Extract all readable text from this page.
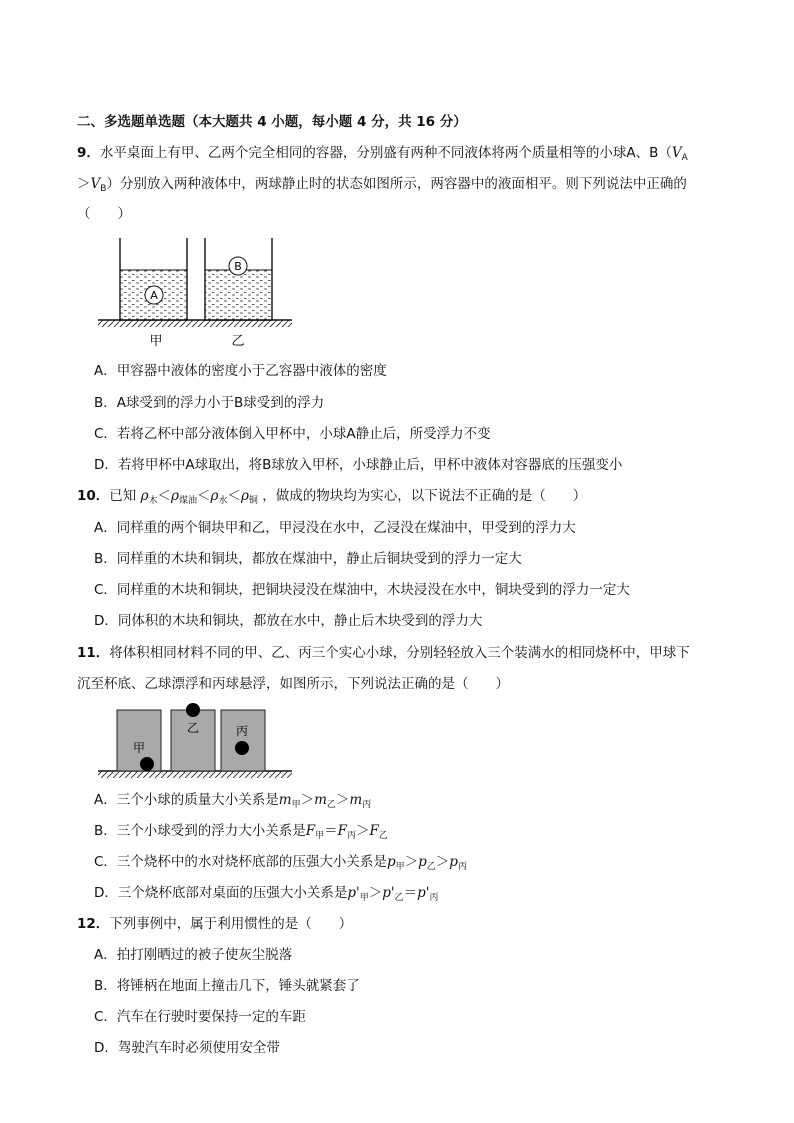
二、多选题单选题（本大题共 4 小题，每小题 4 分，共 16 分）
9．水平桌面上有甲、乙两个完全相同的容器，分别盛有两种不同液体将两个质量相等的小球A、$B(V_A$
$>V_B$）分别放入两种液体中，两球静止时的状态如图所示，两容器中的液面相平。则下列说法中正确的
（　　）
A
B
甲	乙
A．甲容器中液体的密度小于乙容器中液体的密度
B．A球受到的浮力小于B球受到的浮力
C．若将乙杯中部分液体倒入甲杯中，小球A静止后，所受浮力不变
D．若将甲杯中A球取出，将B球放入甲杯，小球静止后，甲杯中液体对容器底的压强变小
10．已知 $\rho_木<\rho_{煤油}<\rho_水<\rho_铜$ ，做成的物块均为实心，以下说法不正确的是（　　）
A．同样重的两个铜块甲和乙，甲浸没在水中，乙浸没在煤油中，甲受到的浮力大
B．同样重的木块和铜块，都放在煤油中，静止后铜块受到的浮力一定大
C．同样重的木块和铜块，把铜块浸没在煤油中，木块浸没在水中，铜块受到的浮力一定大
D．同体积的木块和铜块，都放在水中，静止后木块受到的浮力大
11．将体积相同材料不同的甲、乙、丙三个实心小球，分别轻轻放入三个装满水的相同烧杯中，甲球下
沉至杯底、乙球漂浮和丙球悬浮，如图所示，下列说法正确的是（　　）
甲
乙	丙
A．三个小球的质量大小关系是$m_甲>m_乙>m_丙$
B．三个小球受到的浮力大小关系是$F_甲=F_丙>F_乙$
C．三个烧杯中的水对烧杯底部的压强大小关系是$p_甲>p_乙>p_丙$
D．三个烧杯底部对桌面的压强大小关系是$p'_甲>p'_乙=p'_丙$
12．下列事例中，属于利用惯性的是（　　）
A．拍打刚晒过的被子使灰尘脱落
B．将锤柄在地面上撞击几下，锤头就紧套了
C．汽车在行驶时要保持一定的车距
D．驾驶汽车时必须使用安全带
